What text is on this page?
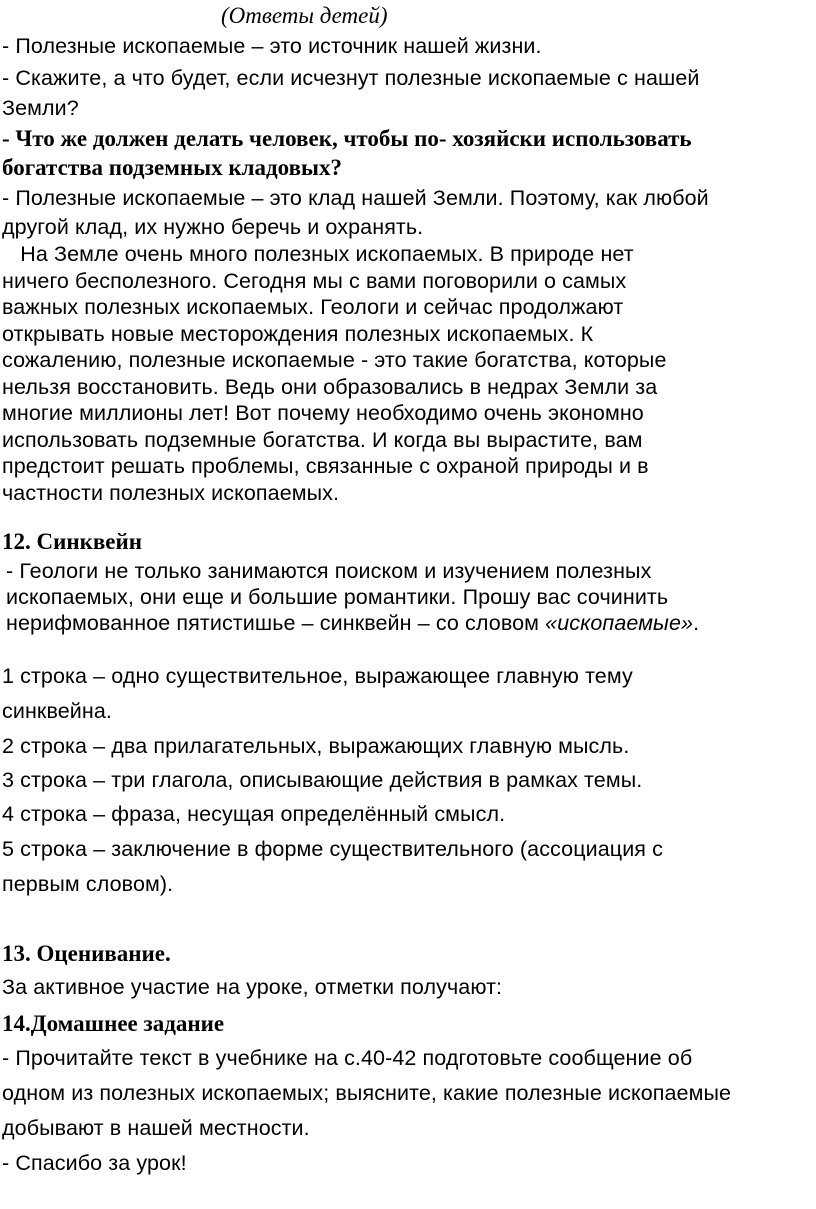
(Ответы детей)
- Полезные ископаемые – это источник нашей жизни.
- Скажите, а что будет, если исчезнут полезные ископаемые с нашей
Земли?
- Что же должен делать человек, чтобы по- хозяйски использовать
богатства подземных кладовых?
- Полезные ископаемые – это клад нашей Земли. Поэтому, как любой
другой клад, их нужно беречь и охранять.
На Земле очень много полезных ископаемых. В природе нет
ничего бесполезного. Сегодня мы с вами поговорили о самых
важных полезных ископаемых. Геологи и сейчас продолжают
открывать новые месторождения полезных ископаемых. К
сожалению, полезные ископаемые - это такие богатства, которые
нельзя восстановить. Ведь они образовались в недрах Земли за
многие миллионы лет! Вот почему необходимо очень экономно
использовать подземные богатства. И когда вы вырастите, вам
предстоит решать проблемы, связанные с охраной природы и в
частности полезных ископаемых.
12. Синквейн
- Геологи не только занимаются поиском и изучением полезных
ископаемых, они еще и большие романтики. Прошу вас сочинить
нерифмованное пятистишье – синквейн – со словом «ископаемые».
1 строка – одно существительное, выражающее главную тему
синквейна.
2 строка – два прилагательных, выражающих главную мысль.
3 строка – три глагола, описывающие действия в рамках темы.
4 строка – фраза, несущая определённый смысл.
5 строка – заключение в форме существительного (ассоциация с
первым словом).
13. Оценивание.
За активное участие на уроке, отметки получают:
14.Домашнее задание
- Прочитайте текст в учебнике на с.40-42 подготовьте сообщение об
одном из полезных ископаемых; выясните, какие полезные ископаемые
добывают в нашей местности.
- Спасибо за урок!
